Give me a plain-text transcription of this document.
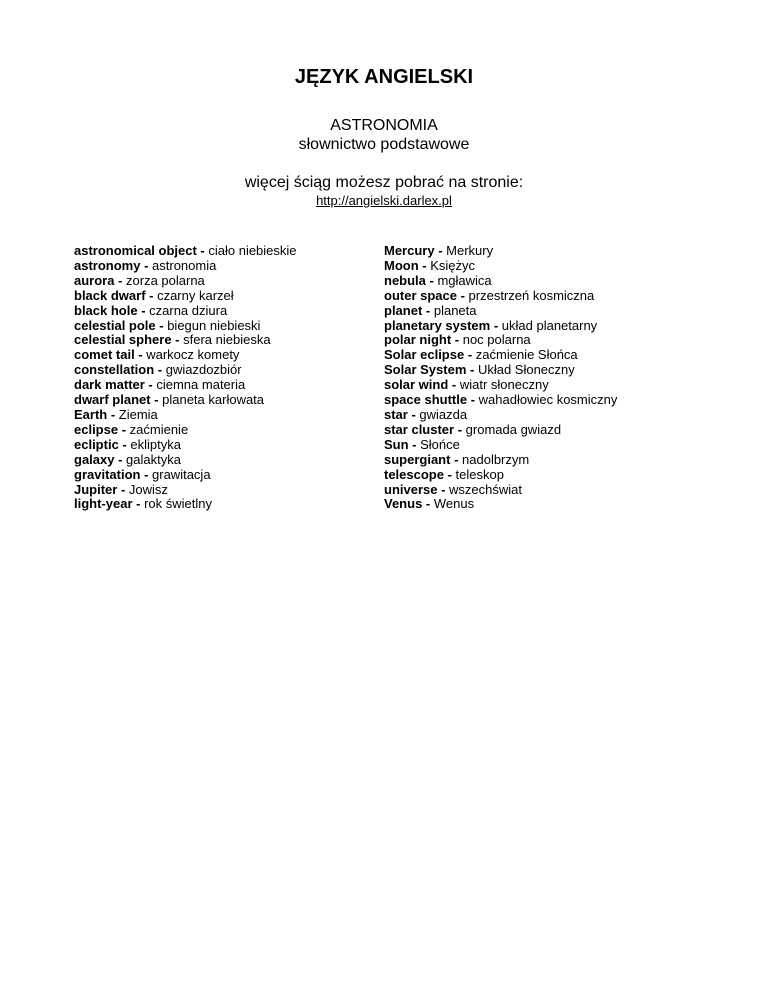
JĘZYK ANGIELSKI
ASTRONOMIA
słownictwo podstawowe
więcej ściąg możesz pobrać na stronie:
http://angielski.darlex.pl
astronomical object - ciało niebieskie
astronomy - astronomia
aurora - zorza polarna
black dwarf - czarny karzeł
black hole - czarna dziura
celestial pole - biegun niebieski
celestial sphere - sfera niebieska
comet tail - warkocz komety
constellation - gwiazdozbiór
dark matter - ciemna materia
dwarf planet - planeta karłowata
Earth - Ziemia
eclipse - zaćmienie
ecliptic - ekliptyka
galaxy - galaktyka
gravitation - grawitacja
Jupiter - Jowisz
light-year - rok świetlny
Mercury - Merkury
Moon - Księżyc
nebula - mgławica
outer space - przestrzeń kosmiczna
planet - planeta
planetary system - układ planetarny
polar night - noc polarna
Solar eclipse - zaćmienie Słońca
Solar System - Układ Słoneczny
solar wind - wiatr słoneczny
space shuttle - wahadłowiec kosmiczny
star - gwiazda
star cluster - gromada gwiazd
Sun - Słońce
supergiant - nadolbrzym
telescope - teleskop
universe - wszechświat
Venus - Wenus
